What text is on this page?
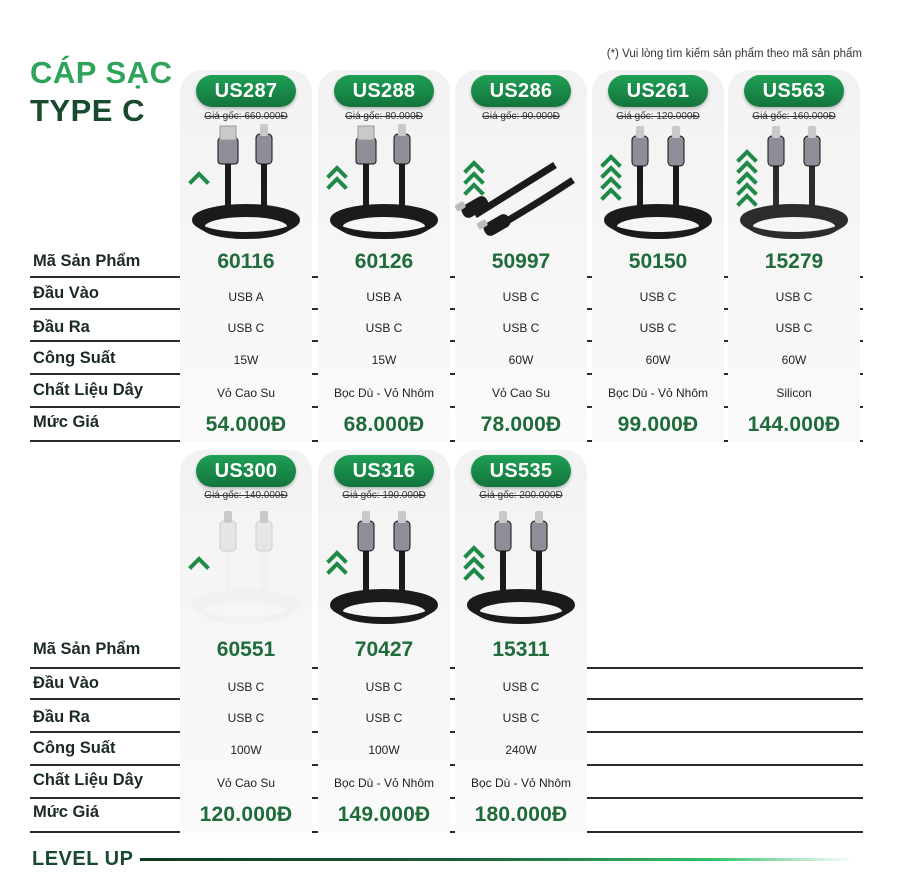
CÁP SẠC
TYPE C
(*) Vui lòng tìm kiếm sản phẩm theo mã sản phẩm
Mã Sản Phẩm
Đầu Vào
Đầu Ra
Công Suất
Chất Liệu Dây
Mức Giá
US287
Giá gốc: 660.000Đ
60116
USB A
USB C
15W
Vỏ Cao Su
54.000Đ
US288
Giá gốc: 80.000Đ
60126
USB A
USB C
15W
Bọc Dù - Vỏ Nhôm
68.000Đ
US286
Giá gốc: 90.000Đ
50997
USB C
USB C
60W
Vỏ Cao Su
78.000Đ
US261
Giá gốc: 120.000Đ
50150
USB C
USB C
60W
Bọc Dù - Vỏ Nhôm
99.000Đ
US563
Giá gốc: 160.000Đ
15279
USB C
USB C
60W
Silicon
144.000Đ
Mã Sản Phẩm
Đầu Vào
Đầu Ra
Công Suất
Chất Liệu Dây
Mức Giá
US300
Giá gốc: 140.000Đ
60551
USB C
USB C
100W
Vỏ Cao Su
120.000Đ
US316
Giá gốc: 190.000Đ
70427
USB C
USB C
100W
Bọc Dù - Vỏ Nhôm
149.000Đ
US535
Giá gốc: 200.000Đ
15311
USB C
USB C
240W
Bọc Dù - Vỏ Nhôm
180.000Đ
LEVEL UP
